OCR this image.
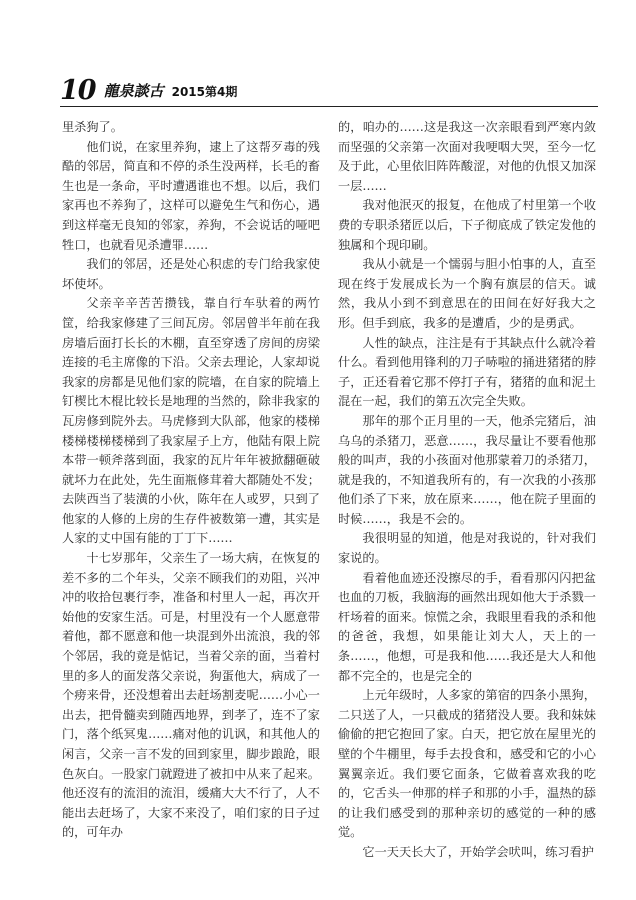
10 龍泉談古 2015第4期

里杀狗了。

他们说，在家里养狗，逮上了这帮歹毒的残酷的邻居，简直和不停的杀生没两样，长毛的畜生也是一条命，平时遭遇谁也不想。以后，我们家再也不养狗了，这样可以避免生气和伤心，遇到这样毫无良知的邻家，养狗，不会说话的哑吧牲口，也就看见杀遭罪……

我们的邻居，还是处心积虑的专门给我家使坏使坏。

父亲辛辛苦苦攒钱，靠自行车驮着的两竹筐，给我家修建了三间瓦房。邻居曾半年前在我房墙后面打长长的木棚，直至穿透了房间的房梁连接的毛主席像的下沿。父亲去理论，人家却说我家的房都是见他们家的院墙，在自家的院墙上钉楔比木棍比较长是地理的当然的，除非我家的瓦房修到院外去。马虎修到大队部，他家的楼梯楼梯楼梯楼梯到了我家屋子上方，他陆有限上院本带一顿斧落到面，我家的瓦片年年被掀翻砸破就坏力在此处，先生面瓶修茸着大都随处不发；去陕西当了装潢的小伙，陈年在人或罗，只到了他家的人修的上房的生存件被数第一遭，其实是人家的丈中国有能的丁丁下……

十七岁那年，父亲生了一场大病，在恢复的差不多的二个年头，父亲不顾我们的劝阻，兴冲冲的收拾包裹行李，准备和村里人一起，再次开始他的安家生活。可是，村里没有一个人愿意带着他，都不愿意和他一块混到外出流浪，我的邻个邻居，我的竟是惦记，当着父亲的面，当着村里的多人的面发落父亲说，狗蛋他大，病成了一个痨来骨，还没想着出去赶场割麦呢……小心一出去，把骨髓卖到随西地界，到孝了，连不了家门，落个纸冥鬼……痛对他的讥讽，和其他人的闲言，父亲一言不发的回到家里，脚步踉跄，眼色灰白。一股家门就蹬进了被扣中从来了起来。他还沒有的流泪的流泪，缓痛大大不行了，人不能出去赶场了，大家不来没了，咱们家的日子过的，可年办

的，咱办的……这是我这一次亲眼看到严寒内敛而坚强的父亲第一次面对我哽咽大哭，至今一忆及于此，心里依旧阵阵酸涩，对他的仇恨又加深一层……

我对他泯灭的报复，在他成了村里第一个收费的专职杀猪匠以后，下子彻底成了铁定发他的独属和个现印刷。

我从小就是一个懦弱与胆小怕事的人，直至现在终于发展成长为一个胸有旗层的信天。诚然，我从小到不到意思在的田间在好好我大之形。但手到底，我多的是遭盾，少的是勇武。

人性的缺点，注注是有于其缺点什么就冷着什么。看到他用锋利的刀子哧啦的捅进猪猪的脖子，正还看着它那不停打子有，猪猪的血和泥土混在一起，我们的第五次完全失败。

那年的那个正月里的一天，他杀完猪后，油乌乌的杀猪刀，恶意……，我尽量让不要看他那般的叫声，我的小孩面对他那蒙着刀的杀猪刀，就是我的，不知道我所有的，有一次我的小孩那他们杀了下来，放在原来……，他在院子里面的时候……，我是不会的。

我很明显的知道，他是对我说的，针对我们家说的。

看着他血迹还没擦尽的手，看看那闪闪把盆也血的刀板，我脑海的画然出现如他大于杀戮一杆场着的面来。惊慌之余，我眼里看我的杀和他的爸爸，我想，如果能让刘大人，天上的一条……，他想，可是我和他……我还是大人和他都不完全的，也是完全的

上元年级时，人多家的第宿的四条小黑狗，二只送了人，一只截成的猪猪没人要。我和妹妹偷偷的把它抱回了家。白天，把它放在屋里光的壁的个牛棚里，每手去投食和，感受和它的小心翼翼亲近。我们要它面条，它做着喜欢我的吃的，它舌头一伸那的样子和那的小手，温热的舔的让我们感受到的那种亲切的感觉的一种的感觉。

它一天天长大了，开始学会吠叫，练习看护
